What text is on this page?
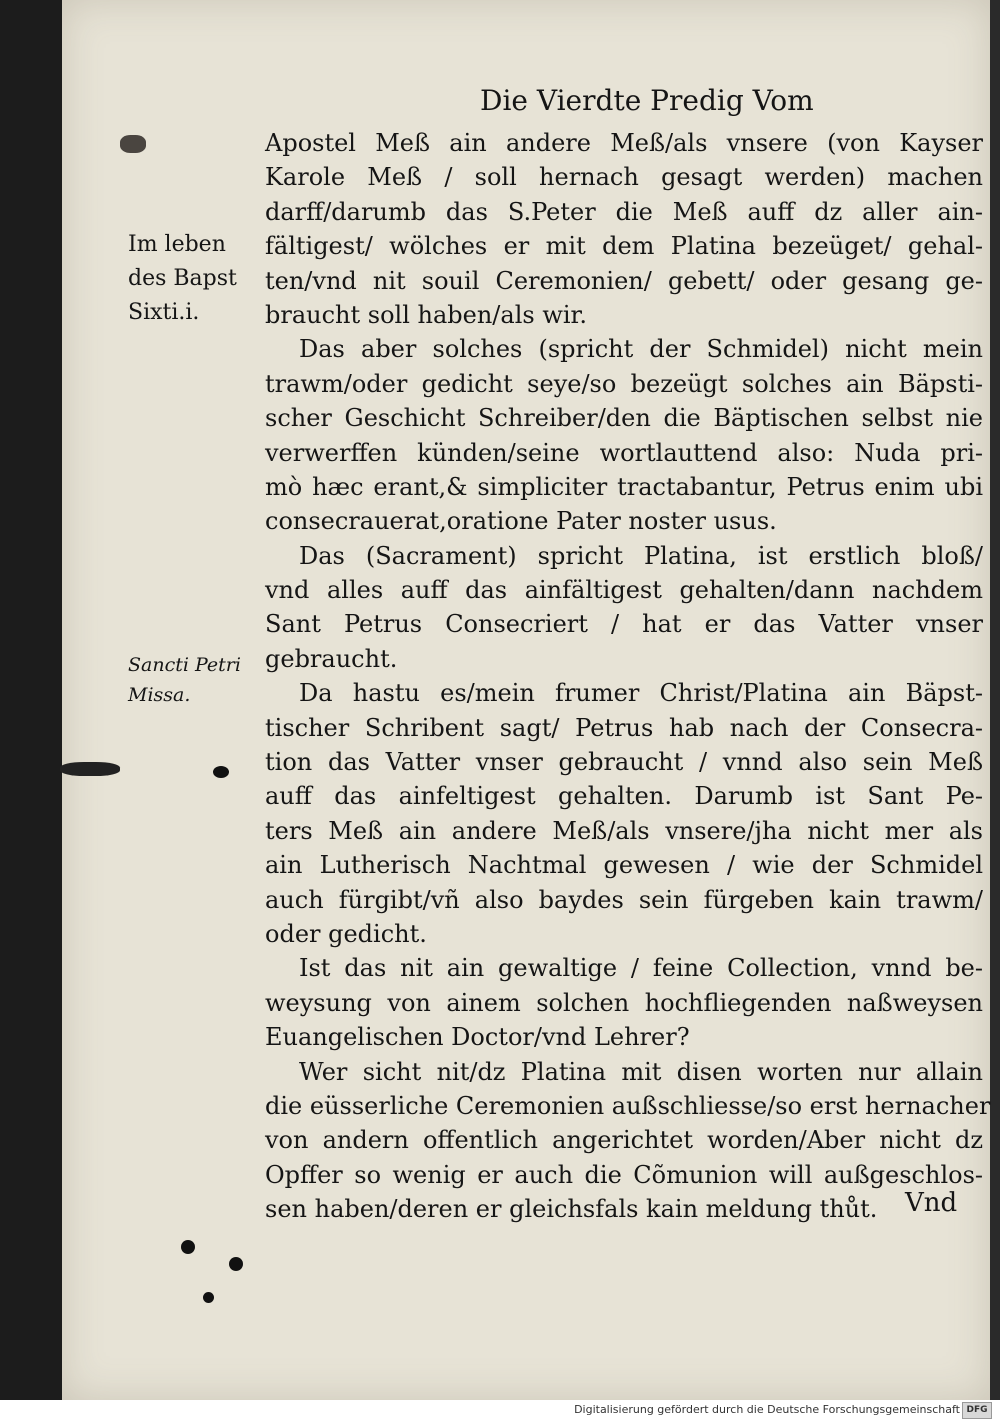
Die Vierdte Predig Vom
Im leben
des Bapst
Sixti.i.
Sancti Petri
Missa.
Apostel Meß ain andere Meß/als vnsere (von Kayser
Karole Meß / soll hernach gesagt werden) machen
darff/darumb das S.Peter die Meß auff dz aller ain-
fältigest/ wölches er mit dem Platina bezeüget/ gehal-
ten/vnd nit souil Ceremonien/ gebett/ oder gesang ge-
braucht soll haben/als wir.
Das aber solches (spricht der Schmidel) nicht mein
trawm/oder gedicht seye/so bezeügt solches ain Bäpsti-
scher Geschicht Schreiber/den die Bäptischen selbst nie
verwerffen künden/seine wortlauttend also: Nuda pri-
mò hæc erant,& simpliciter tractabantur, Petrus enim ubi
consecrauerat,oratione Pater noster usus.
Das (Sacrament) spricht Platina, ist erstlich bloß/
vnd alles auff das ainfältigest gehalten/dann nachdem
Sant Petrus Consecriert / hat er das Vatter vnser
gebraucht.
Da hastu es/mein frumer Christ/Platina ain Bäpst-
tischer Schribent sagt/ Petrus hab nach der Consecra-
tion das Vatter vnser gebraucht / vnnd also sein Meß
auff das ainfeltigest gehalten. Darumb ist Sant Pe-
ters Meß ain andere Meß/als vnsere/jha nicht mer als
ain Lutherisch Nachtmal gewesen / wie der Schmidel
auch fürgibt/vñ also baydes sein fürgeben kain trawm/
oder gedicht.
Ist das nit ain gewaltige / feine Collection, vnnd be-
weysung von ainem solchen hochfliegenden naßweysen
Euangelischen Doctor/vnd Lehrer?
Wer sicht nit/dz Platina mit disen worten nur allain
die eüsserliche Ceremonien außschliesse/so erst hernacher
von andern offentlich angerichtet worden/Aber nicht dz
Opffer so wenig er auch die Cõmunion will außgeschlos-
sen haben/deren er gleichsfals kain meldung thůt.	Vnd
Digitalisierung gefördert durch die Deutsche Forschungsgemeinschaft DFG
